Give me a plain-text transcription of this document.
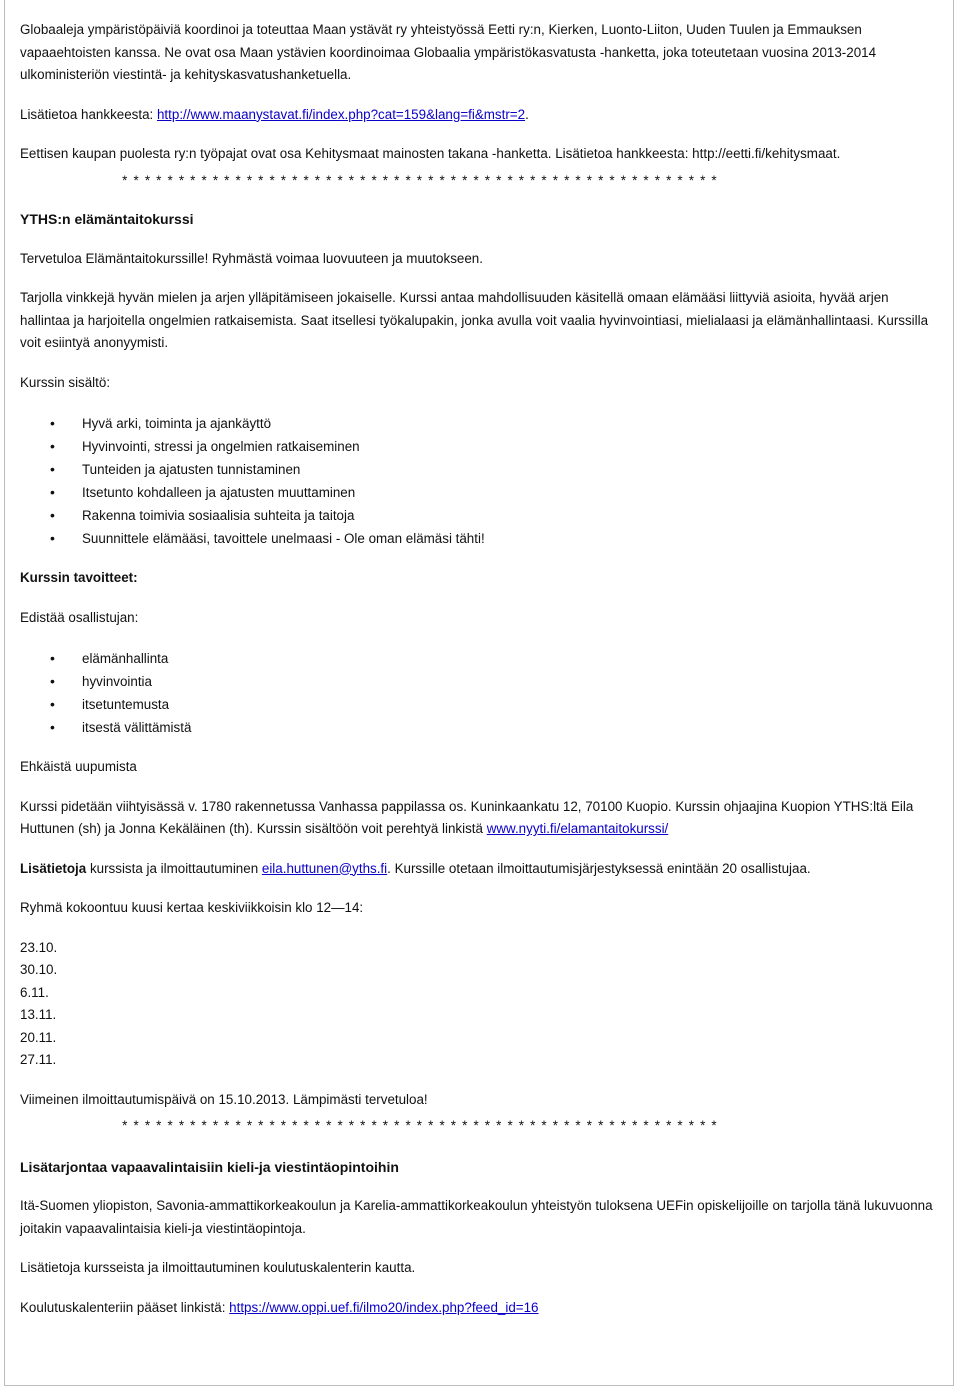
Globaaleja ympäristöpäiviä koordinoi ja toteuttaa Maan ystävät ry yhteistyössä Eetti ry:n, Kierken, Luonto-Liiton, Uuden Tuulen ja Emmauksen vapaaehtoisten kanssa. Ne ovat osa Maan ystävien koordinoimaa Globaalia ympäristökasvatusta -hanketta, joka toteutetaan vuosina 2013-2014 ulkoministeriön viestintä- ja kehityskasvatushanketuella.

Lisätietoa hankkeesta: http://www.maanystavat.fi/index.php?cat=159&lang=fi&mstr=2.

Eettisen kaupan puolesta ry:n työpajat ovat osa Kehitysmaat mainosten takana -hanketta. Lisätietoa hankkeesta: http://eetti.fi/kehitysmaat.

* * * * * * * * * * * * * * * * * * * * * * * * * * * * * * * * * * * * * * * * * * * * * * * * * * * * *

YTHS:n elämäntaitokurssi

Tervetuloa Elämäntaitokurssille! Ryhmästä voimaa luovuuteen ja muutokseen.

Tarjolla vinkkejä hyvän mielen ja arjen ylläpitämiseen jokaiselle. Kurssi antaa mahdollisuuden käsitellä omaan elämääsi liittyviä asioita, hyvää arjen hallintaa ja harjoitella ongelmien ratkaisemista. Saat itsellesi työkalupakin, jonka avulla voit vaalia hyvinvointiasi, mielialaasi ja elämänhallintaasi. Kurssilla voit esiintyä anonyymisti.

Kurssin sisältö:

• Hyvä arki, toiminta ja ajankäyttö
• Hyvinvointi, stressi ja ongelmien ratkaiseminen
• Tunteiden ja ajatusten tunnistaminen
• Itsetunto kohdalleen ja ajatusten muuttaminen
• Rakenna toimivia sosiaalisia suhteita ja taitoja
• Suunnittele elämääsi, tavoittele unelmaasi - Ole oman elämäsi tähti!

Kurssin tavoitteet:

Edistää osallistujan:

• elämänhallinta
• hyvinvointia
• itsetuntemusta
• itsestä välittämistä

Ehkäistä uupumista

Kurssi pidetään viihtyisässä v. 1780 rakennetussa Vanhassa pappilassa os. Kuninkaankatu 12, 70100 Kuopio. Kurssin ohjaajina Kuopion YTHS:ltä Eila Huttunen (sh) ja Jonna Kekäläinen (th). Kurssin sisältöön voit perehtyä linkistä www.nyyti.fi/elamantaitokurssi/

Lisätietoja kurssista ja ilmoittautuminen eila.huttunen@yths.fi. Kurssille otetaan ilmoittautumisjärjestyksessä enintään 20 osallistujaa.

Ryhmä kokoontuu kuusi kertaa keskiviikkoisin klo 12—14:

23.10.

30.10.

6.11.

13.11.

20.11.

27.11.

Viimeinen ilmoittautumispäivä on 15.10.2013. Lämpimästi tervetuloa!

* * * * * * * * * * * * * * * * * * * * * * * * * * * * * * * * * * * * * * * * * * * * * * * * * * * * *

Lisätarjontaa vapaavalintaisiin kieli-ja viestintäopintoihin

Itä-Suomen yliopiston, Savonia-ammattikorkeakoulun ja Karelia-ammattikorkeakoulun yhteistyön tuloksena UEFin opiskelijoille on tarjolla tänä lukuvuonna joitakin vapaavalintaisia kieli-ja viestintäopintoja.

Lisätietoja kursseista ja ilmoittautuminen koulutuskalenterin kautta.

Koulutuskalenteriin pääset linkistä: https://www.oppi.uef.fi/ilmo20/index.php?feed_id=16
